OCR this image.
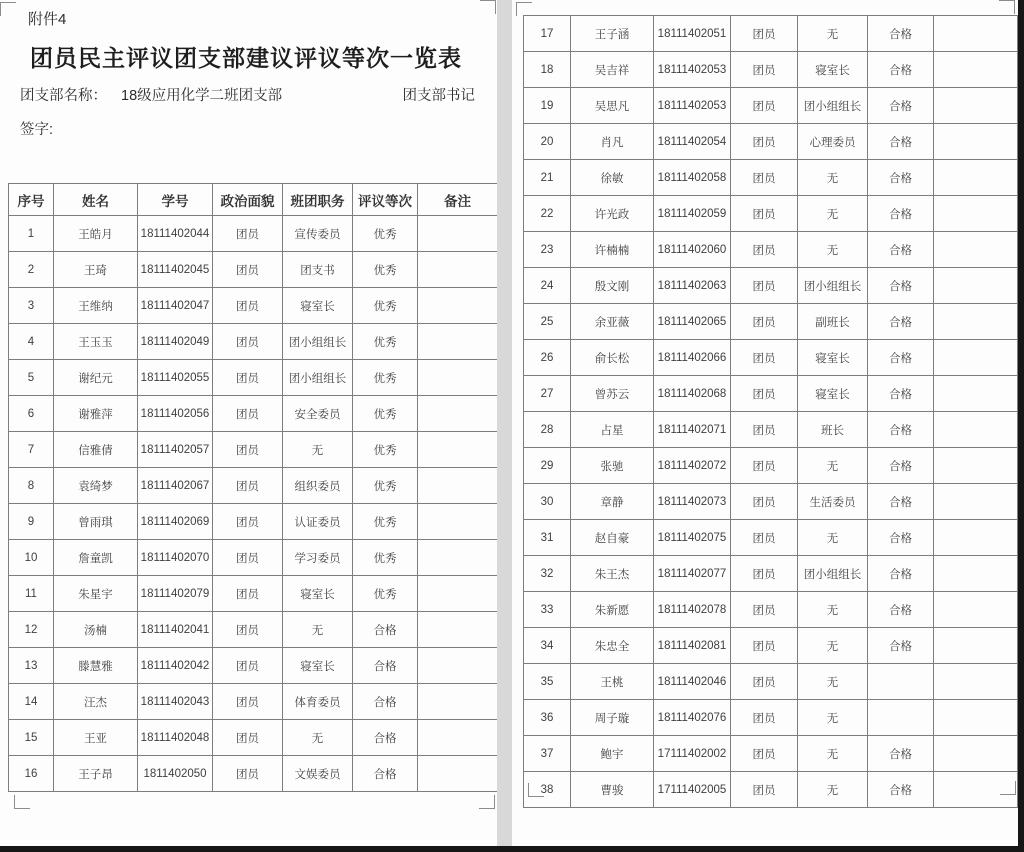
附件4
团员民主评议团支部建议评议等次一览表
团支部名称： 18级应用化学二班团支部	团支部书记
签字:
序号	姓名	学号	政治面貌	班团职务	评议等次	备注
1	王皓月	18111402044	团员	宣传委员	优秀	
2	王琦	18111402045	团员	团支书	优秀	
3	王维纳	18111402047	团员	寝室长	优秀	
4	王玉玉	18111402049	团员	团小组组长	优秀	
5	谢纪元	18111402055	团员	团小组组长	优秀	
6	谢雅萍	18111402056	团员	安全委员	优秀	
7	信雅倩	18111402057	团员	无	优秀	
8	袁绮梦	18111402067	团员	组织委员	优秀	
9	曾雨琪	18111402069	团员	认证委员	优秀	
10	詹童凯	18111402070	团员	学习委员	优秀	
11	朱星宇	18111402079	团员	寝室长	优秀	
12	汤楠	18111402041	团员	无	合格	
13	滕慧雅	18111402042	团员	寝室长	合格	
14	汪杰	18111402043	团员	体育委员	合格	
15	王亚	18111402048	团员	无	合格	
16	王子昂	1811402050	团员	文娱委员	合格	
17	王子涵	18111402051	团员	无	合格	
18	吴吉祥	18111402053	团员	寝室长	合格	
19	吴思凡	18111402053	团员	团小组组长	合格	
20	肖凡	18111402054	团员	心理委员	合格	
21	徐敏	18111402058	团员	无	合格	
22	许光政	18111402059	团员	无	合格	
23	许楠楠	18111402060	团员	无	合格	
24	殷文刚	18111402063	团员	团小组组长	合格	
25	余亚薇	18111402065	团员	副班长	合格	
26	俞长松	18111402066	团员	寝室长	合格	
27	曾苏云	18111402068	团员	寝室长	合格	
28	占星	18111402071	团员	班长	合格	
29	张驰	18111402072	团员	无	合格	
30	章静	18111402073	团员	生活委员	合格	
31	赵自豪	18111402075	团员	无	合格	
32	朱王杰	18111402077	团员	团小组组长	合格	
33	朱新愿	18111402078	团员	无	合格	
34	朱忠全	18111402081	团员	无	合格	
35	王桃	18111402046	团员	无		
36	周子璇	18111402076	团员	无		
37	鲍宇	17111402002	团员	无	合格	
38	曹骏	17111402005	团员	无	合格	
